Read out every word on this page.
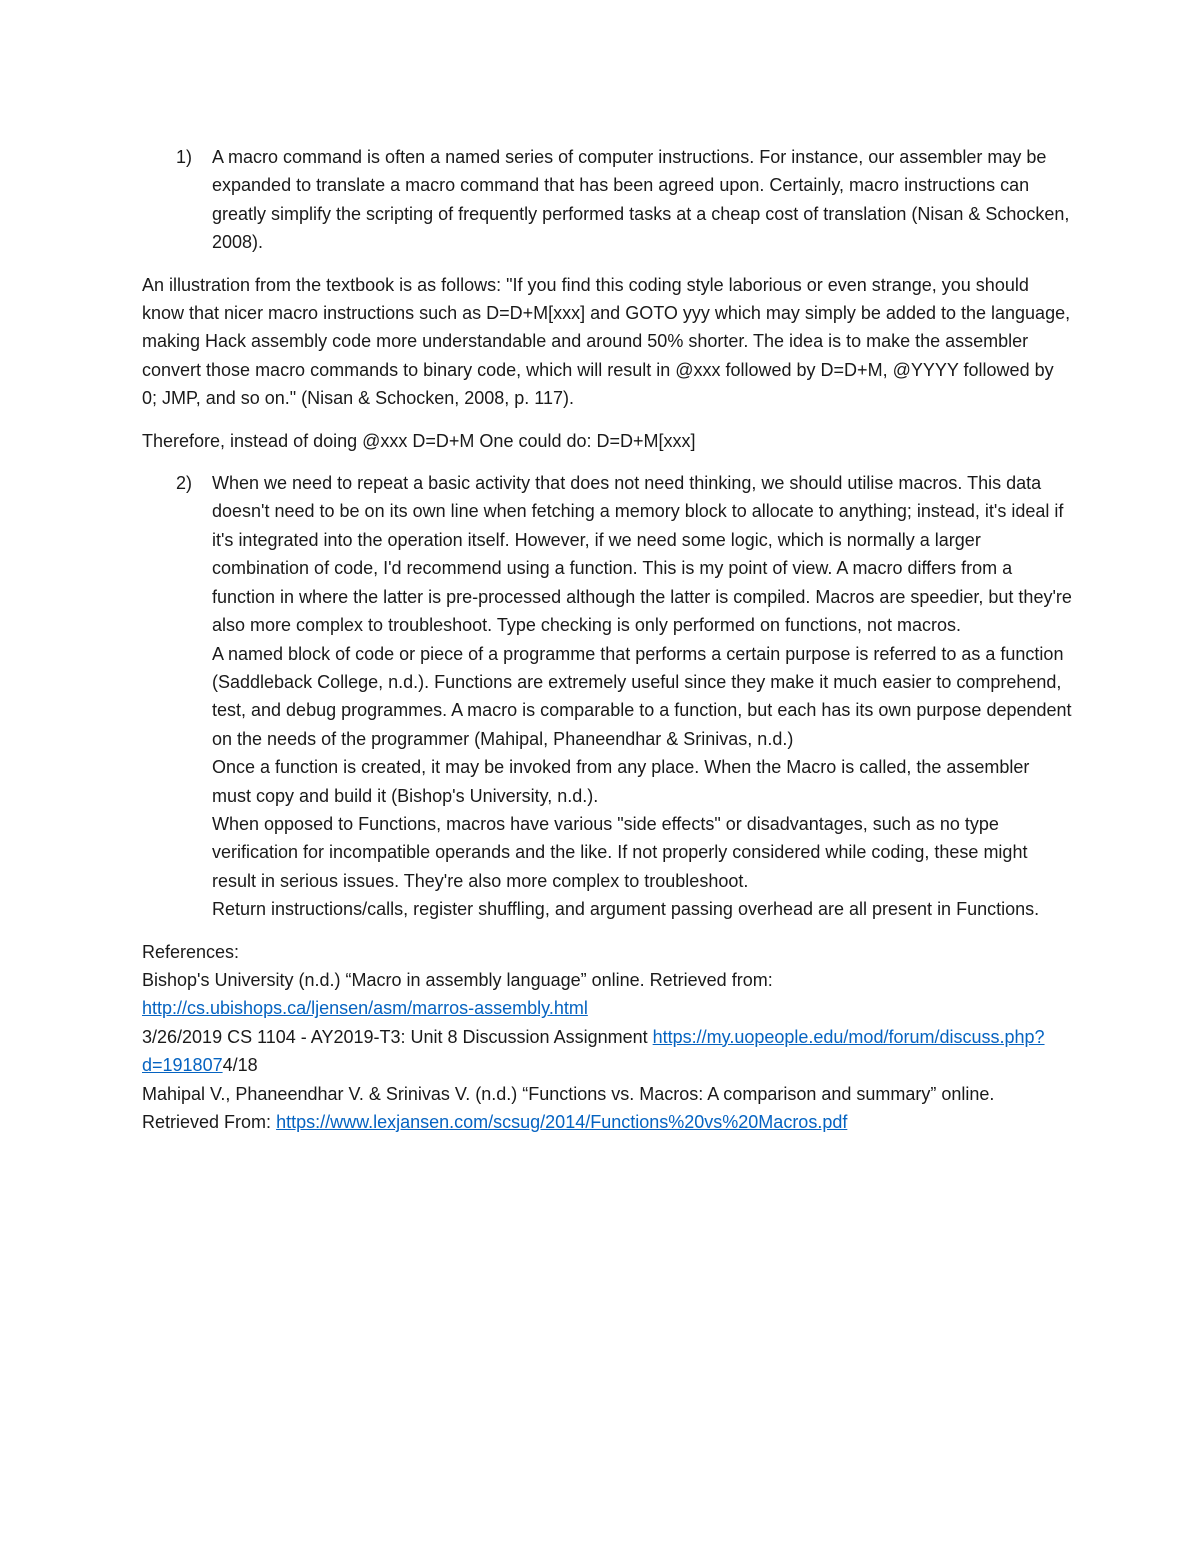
1)	A macro command is often a named series of computer instructions. For instance, our assembler may be expanded to translate a macro command that has been agreed upon. Certainly, macro instructions can greatly simplify the scripting of frequently performed tasks at a cheap cost of translation (Nisan & Schocken, 2008).

An illustration from the textbook is as follows: "If you find this coding style laborious or even strange, you should know that nicer macro instructions such as D=D+M[xxx] and GOTO yyy which may simply be added to the language, making Hack assembly code more understandable and around 50% shorter. The idea is to make the assembler convert those macro commands to binary code, which will result in @xxx followed by D=D+M, @YYYY followed by 0; JMP, and so on." (Nisan & Schocken, 2008, p. 117).

Therefore, instead of doing @xxx D=D+M One could do: D=D+M[xxx]

2)	When we need to repeat a basic activity that does not need thinking, we should utilise macros. This data doesn't need to be on its own line when fetching a memory block to allocate to anything; instead, it's ideal if it's integrated into the operation itself. However, if we need some logic, which is normally a larger combination of code, I'd recommend using a function. This is my point of view. A macro differs from a function in where the latter is pre-processed although the latter is compiled. Macros are speedier, but they're also more complex to troubleshoot. Type checking is only performed on functions, not macros.

A named block of code or piece of a programme that performs a certain purpose is referred to as a function (Saddleback College, n.d.). Functions are extremely useful since they make it much easier to comprehend, test, and debug programmes. A macro is comparable to a function, but each has its own purpose dependent on the needs of the programmer (Mahipal, Phaneendhar & Srinivas, n.d.)

Once a function is created, it may be invoked from any place. When the Macro is called, the assembler must copy and build it (Bishop's University, n.d.).

When opposed to Functions, macros have various "side effects" or disadvantages, such as no type verification for incompatible operands and the like. If not properly considered while coding, these might result in serious issues. They're also more complex to troubleshoot.

Return instructions/calls, register shuffling, and argument passing overhead are all present in Functions.

References:

Bishop's University (n.d.) “Macro in assembly language” online. Retrieved from: http://cs.ubishops.ca/ljensen/asm/marros-assembly.html

3/26/2019 CS 1104 - AY2019-T3: Unit 8 Discussion Assignment https://my.uopeople.edu/mod/forum/discuss.php?d=1918074/18

Mahipal V., Phaneendhar V. & Srinivas V. (n.d.) “Functions vs. Macros: A comparison and summary” online. Retrieved From: https://www.lexjansen.com/scsug/2014/Functions%20vs%20Macros.pdf
